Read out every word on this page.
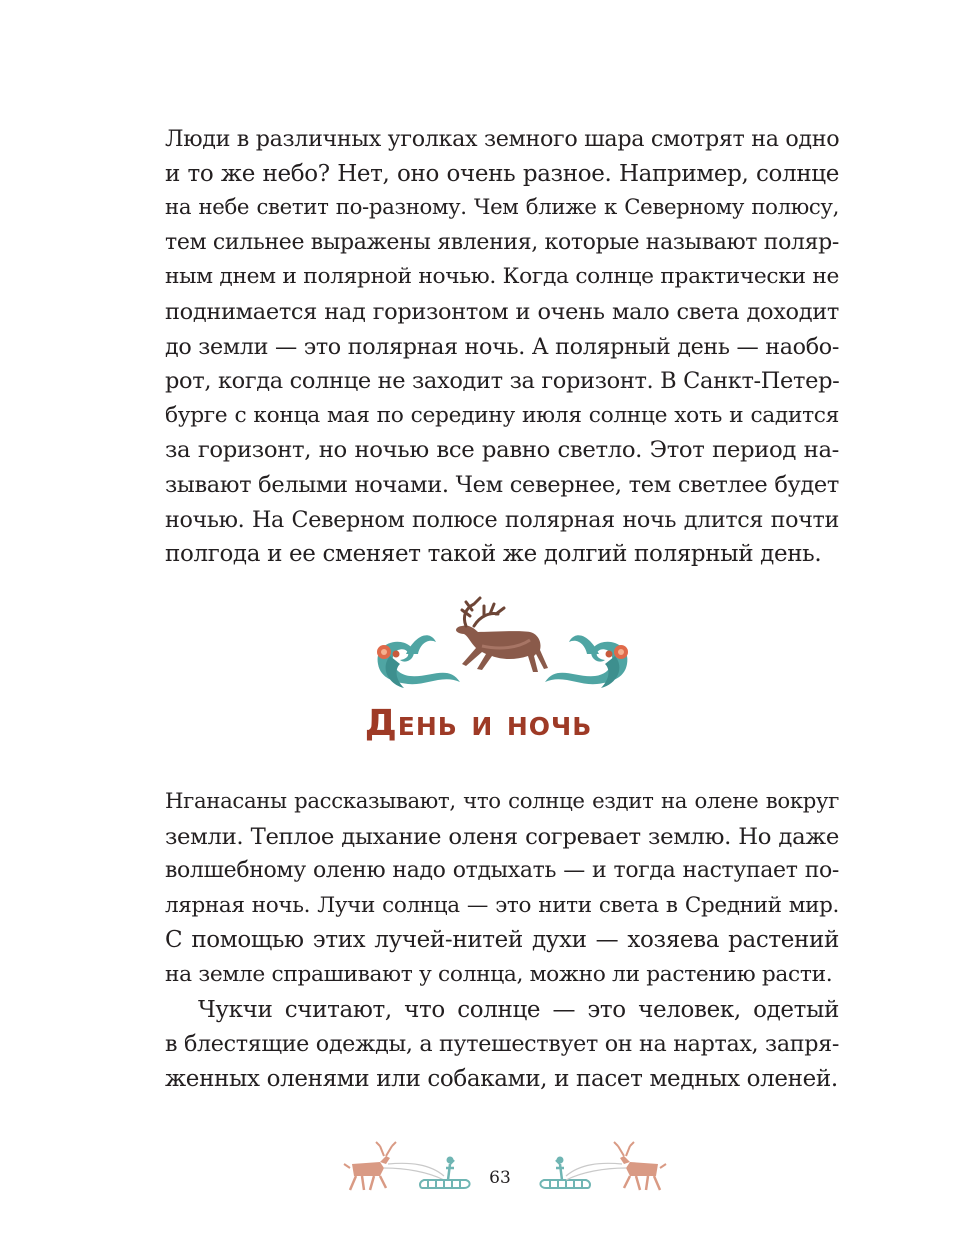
Люди в различных уголках земного шара смотрят на одно
и то же небо? Нет, оно очень разное. Например, солнце
на небе светит по-разному. Чем ближе к Северному полюсу,
тем сильнее выражены явления, которые называют поляр-
ным днем и полярной ночью. Когда солнце практически не
поднимается над горизонтом и очень мало света доходит
до земли — это полярная ночь. А полярный день — наобо-
рот, когда солнце не заходит за горизонт. В Санкт-Петер-
бурге с конца мая по середину июля солнце хоть и садится
за горизонт, но ночью все равно светло. Этот период на-
зывают белыми ночами. Чем севернее, тем светлее будет
ночью. На Северном полюсе полярная ночь длится почти
полгода и ее сменяет такой же долгий полярный день.
День и ночь
Нганасаны рассказывают, что солнце ездит на олене вокруг
земли. Теплое дыхание оленя согревает землю. Но даже
волшебному оленю надо отдыхать — и тогда наступает по-
лярная ночь. Лучи солнца — это нити света в Средний мир.
С помощью этих лучей-нитей духи — хозяева растений
на земле спрашивают у солнца, можно ли растению расти.
Чукчи считают, что солнце — это человек, одетый
в блестящие одежды, а путешествует он на нартах, запря-
женных оленями или собаками, и пасет медных оленей.
63
